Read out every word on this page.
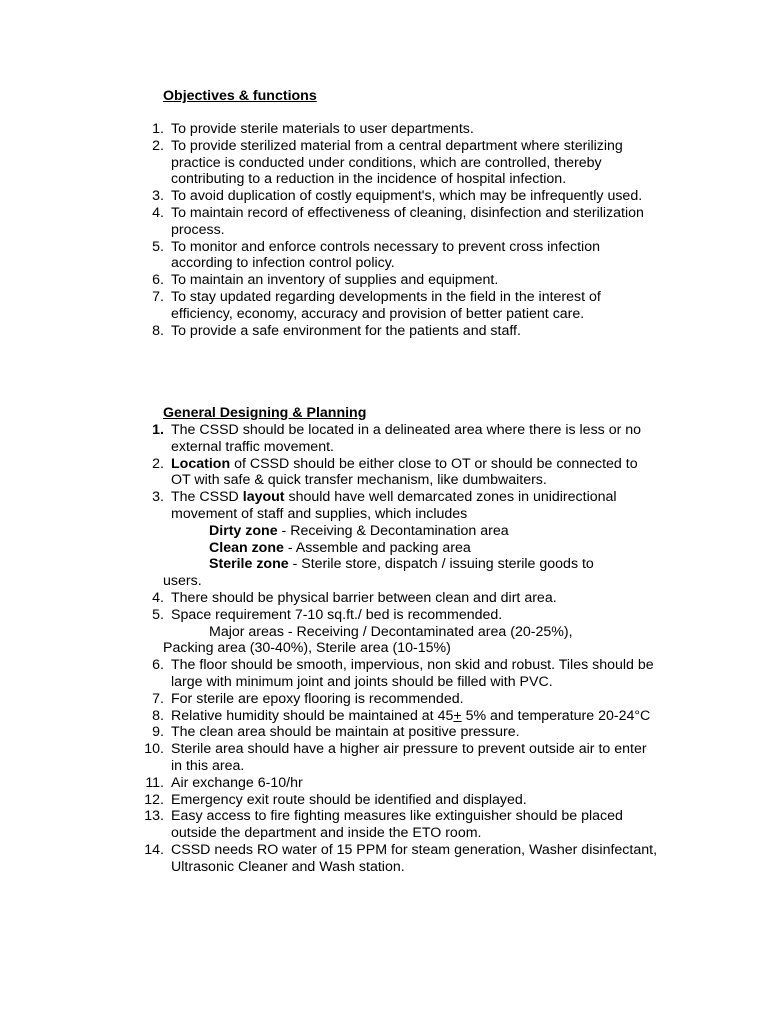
Objectives & functions
1. To provide sterile materials to user departments.
2. To provide sterilized material from a central department where sterilizing practice is conducted under conditions, which are controlled, thereby contributing to a reduction in the incidence of hospital infection.
3. To avoid duplication of costly equipment's, which may be infrequently used.
4. To maintain record of effectiveness of cleaning, disinfection and sterilization process.
5. To monitor and enforce controls necessary to prevent cross infection according to infection control policy.
6. To maintain an inventory of supplies and equipment.
7. To stay updated regarding developments in the field in the interest of efficiency, economy, accuracy and provision of better patient care.
8. To provide a safe environment for the patients and staff.
General Designing & Planning
1. The CSSD should be located in a delineated area where there is less or no external traffic movement.
2. Location of CSSD should be either close to OT or should be connected to OT with safe & quick transfer mechanism, like dumbwaiters.
3. The CSSD layout should have well demarcated zones in unidirectional movement of staff and supplies, which includes
Dirty zone - Receiving & Decontamination area
Clean zone - Assemble and packing area
Sterile zone - Sterile store, dispatch / issuing sterile goods to
users.
4. There should be physical barrier between clean and dirt area.
5. Space requirement 7-10 sq.ft./ bed is recommended.
Major areas - Receiving / Decontaminated area (20-25%),
Packing area (30-40%), Sterile area (10-15%)
6. The floor should be smooth, impervious, non skid and robust. Tiles should be large with minimum joint and joints should be filled with PVC.
7. For sterile are epoxy flooring is recommended.
8. Relative humidity should be maintained at 45+ 5% and temperature 20-24°C
9. The clean area should be maintain at positive pressure.
10. Sterile area should have a higher air pressure to prevent outside air to enter in this area.
11. Air exchange 6-10/hr
12. Emergency exit route should be identified and displayed.
13. Easy access to fire fighting measures like extinguisher should be placed outside the department and inside the ETO room.
14. CSSD needs RO water of 15 PPM for steam generation, Washer disinfectant, Ultrasonic Cleaner and Wash station.
